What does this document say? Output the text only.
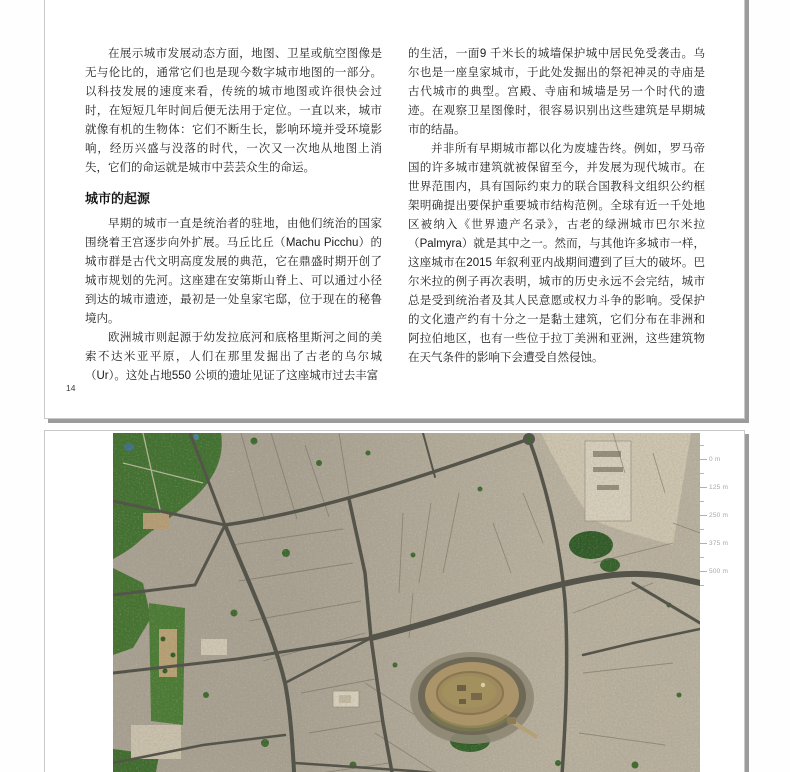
在展示城市发展动态方面，地图、卫星或航空图像是无与伦比的，通常它们也是现今数字城市地图的一部分。以科技发展的速度来看，传统的城市地图或许很快会过时，在短短几年时间后便无法用于定位。一直以来，城市就像有机的生物体：它们不断生长，影响环境并受环境影响，经历兴盛与没落的时代，一次又一次地从地图上消失，它们的命运就是城市中芸芸众生的命运。

城市的起源

早期的城市一直是统治者的驻地，由他们统治的国家围绕着王宫逐步向外扩展。马丘比丘（Machu Picchu）的城市群是古代文明高度发展的典范，它在鼎盛时期开创了城市规划的先河。这座建在安第斯山脊上、可以通过小径到达的城市遗迹，最初是一处皇家宅邸，位于现在的秘鲁境内。

欧洲城市则起源于幼发拉底河和底格里斯河之间的美索不达米亚平原，人们在那里发掘出了古老的乌尔城（Ur）。这处占地550 公顷的遗址见证了这座城市过去丰富

的生活，一面9 千米长的城墙保护城中居民免受袭击。乌尔也是一座皇家城市，于此处发掘出的祭祀神灵的寺庙是古代城市的典型。宫殿、寺庙和城墙是另一个时代的遗迹。在观察卫星图像时，很容易识别出这些建筑是早期城市的结晶。

并非所有早期城市都以化为废墟告终。例如，罗马帝国的许多城市建筑就被保留至今，并发展为现代城市。在世界范围内，具有国际约束力的联合国教科文组织公约框架明确提出要保护重要城市结构范例。全球有近一千处地区被纳入《世界遗产名录》，古老的绿洲城市巴尔米拉（Palmyra）就是其中之一。然而，与其他许多城市一样，这座城市在2015 年叙利亚内战期间遭到了巨大的破坏。巴尔米拉的例子再次表明，城市的历史永远不会完结，城市总是受到统治者及其人民意愿或权力斗争的影响。受保护的文化遗产约有十分之一是黏土建筑，它们分布在非洲和阿拉伯地区，也有一些位于拉丁美洲和亚洲，这些建筑物在天气条件的影响下会遭受自然侵蚀。

14
0 m
125 m
250 m
375 m
500 m
